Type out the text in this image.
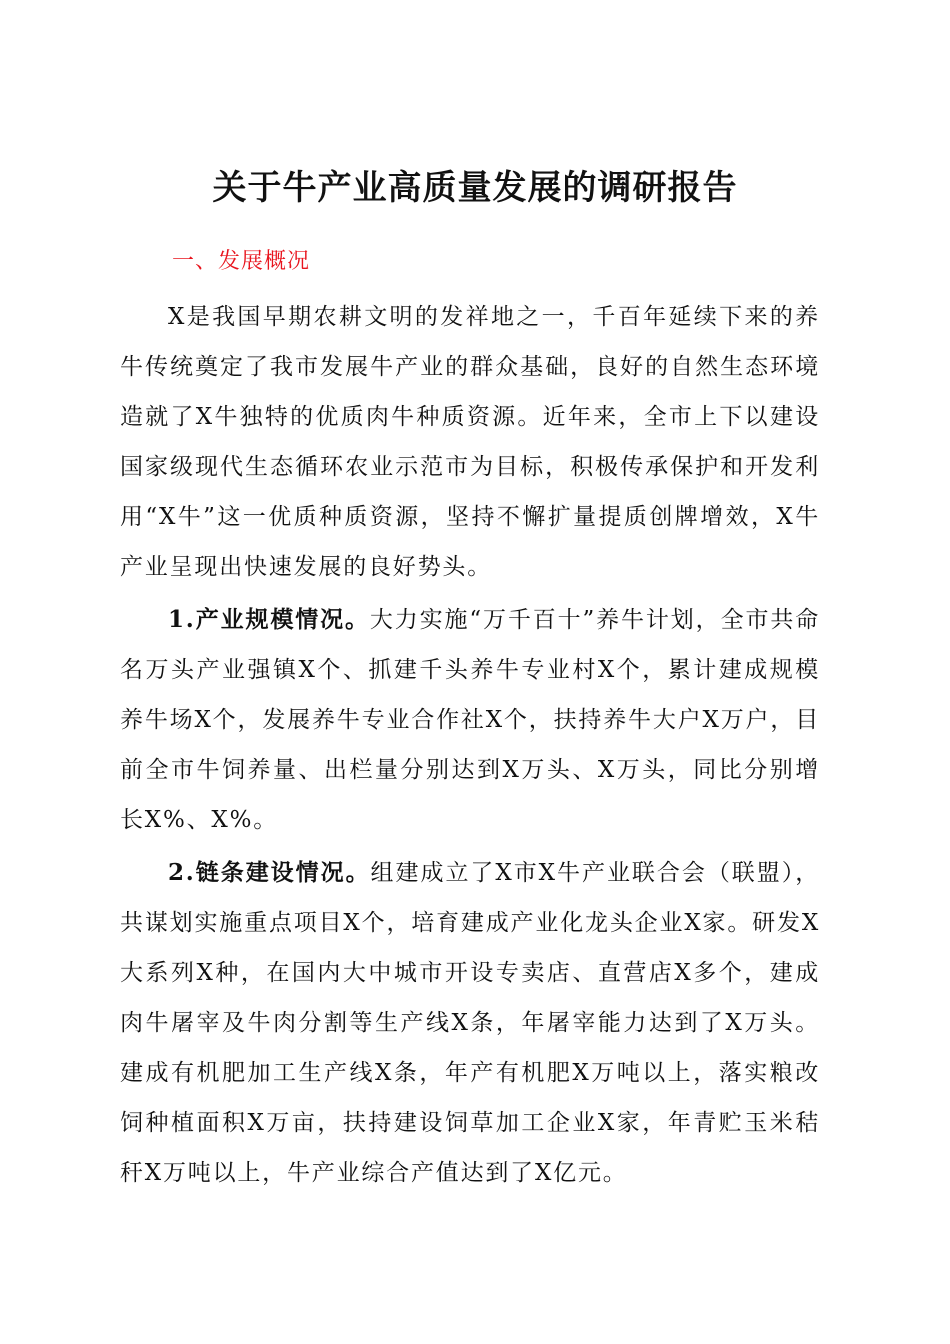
关于牛产业高质量发展的调研报告
一、发展概况

X是我国早期农耕文明的发祥地之一，千百年延续下来的养牛传统奠定了我市发展牛产业的群众基础，良好的自然生态环境造就了X牛独特的优质肉牛种质资源。近年来，全市上下以建设国家级现代生态循环农业示范市为目标，积极传承保护和开发利用“X牛”这一优质种质资源，坚持不懈扩量提质创牌增效，X牛产业呈现出快速发展的良好势头。

1.产业规模情况。大力实施“万千百十”养牛计划，全市共命名万头产业强镇X个、抓建千头养牛专业村X个，累计建成规模养牛场X个，发展养牛专业合作社X个，扶持养牛大户X万户，目前全市牛饲养量、出栏量分别达到X万头、X万头，同比分别增长X%、X%。

2.链条建设情况。组建成立了X市X牛产业联合会（联盟），共谋划实施重点项目X个，培育建成产业化龙头企业X家。研发X大系列X种，在国内大中城市开设专卖店、直营店X多个，建成肉牛屠宰及牛肉分割等生产线X条，年屠宰能力达到了X万头。建成有机肥加工生产线X条，年产有机肥X万吨以上，落实粮改饲种植面积X万亩，扶持建设饲草加工企业X家，年青贮玉米秸秆X万吨以上，牛产业综合产值达到了X亿元。
